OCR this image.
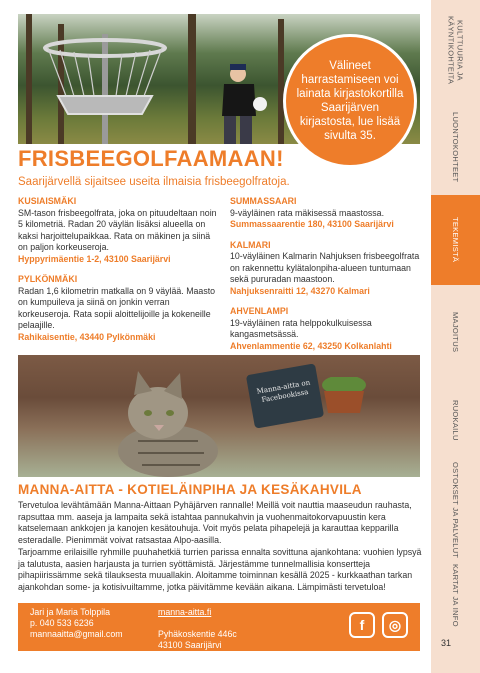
Välineet harrastamiseen voi lainata kirjastokortilla Saarijärven kirjastosta, lue lisää sivulta 35.
FRISBEEGOLFAAMAAN!
Saarijärvellä sijaitsee useita ilmaisia frisbeegolfratoja.
KUSIAISMÄKI
SM-tason frisbeegolfrata, joka on pituudeltaan noin 5 kilometriä. Radan 20 väylän lisäksi alueella on kaksi harjoittelupaikkaa. Rata on mäkinen ja siinä on paljon korkeuseroja.
Hyppyrimäentie 1-2, 43100 Saarijärvi
PYLKÖNMÄKI
Radan 1,6 kilometrin matkalla on 9 väylää. Maasto on kumpuileva ja siinä on jonkin verran korkeuseroja. Rata sopii aloittelijoille ja kokeneille pelaajille.
Rahikaisentie, 43440 Pylkönmäki
SUMMASSAARI
9-väyläinen rata mäkisessä maastossa.
Summassaarentie 180, 43100 Saarijärvi
KALMARI
10-väyläinen Kalmarin Nahjuksen frisbeegolfrata on rakennettu kylätalonpiha-alueen tuntumaan sekä pururadan maastoon.
Nahjuksenraitti 12, 43270 Kalmari
AHVENLAMPI
19-väyläinen rata helppokulkuisessa kangasmetsässä.
Ahvenlammentie 62, 43250 Kolkanlahti
Manna-aitta on Facebookissa
MANNA-AITTA - KOTIELÄINPIHA JA KESÄKAHVILA

Tervetuloa levähtämään Manna-Aittaan Pyhäjärven rannalle! Meillä voit nauttia maaseudun rauhasta, rapsuttaa mm. aaseja ja lampaita sekä istahtaa pannukahvin ja vuohenmaitokorvapuustin kera katselemaan ankkojen ja kanojen kesätouhuja. Voit myös pelata pihapelejä ja karauttaa kepparilla esteradalle. Pienimmät voivat ratsastaa Alpo-aasilla.

Tarjoamme erilaisille ryhmille puuhahetkiä turrien parissa ennalta sovittuna ajankohtana: vuohien lypsyä ja talutusta, aasien harjausta ja turrien syöttämistä. Järjestämme tunnelmallisia konsertteja pihapiirissämme sekä tilauksesta muuallakin. Aloitamme toiminnan kesällä 2025 - kurkkaathan tarkan ajankohdan some- ja kotisivuiltamme, jotka päivitämme kevään aikana. Lämpimästi tervetuloa!

Jari ja Maria Tolppila
p. 040 533 6236
mannaaitta@gmail.com
manna-aitta.fi
Pyhäkoskentie 446c
43100 Saarijärvi
f ◎
KULTTUURIA JA KÄYNTIKOHTEITA
LUONTOKOHTEET
TEKEMISTÄ
MAJOITUS
RUOKAILU
OSTOKSET JA PALVELUT
KARTAT JA INFO
31
